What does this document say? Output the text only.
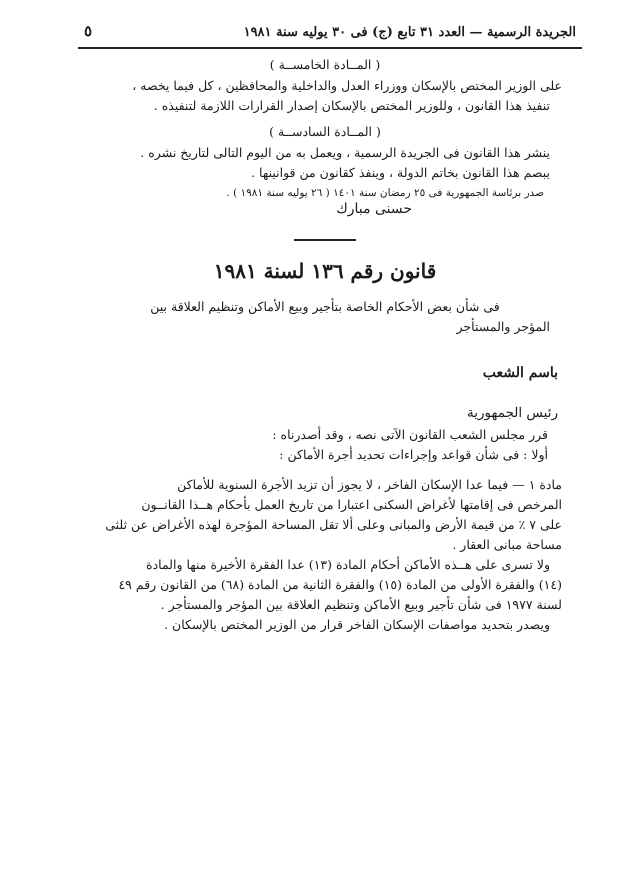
الجريدة الرسمية — العدد ٣١ تابع (ج) فى ٣٠ يوليه سنة ١٩٨١
٥
( المــادة الخامســة )

على الوزير المختص بالإسكان ووزراء العدل والداخلية والمحافظين ، كل فيما يخصه ،

تنفيذ هذا القانون ، وللوزير المختص بالإسكان إصدار القرارات اللازمة لتنفيذه .

( المــادة السادســة )

ينشر هذا القانون فى الجريدة الرسمية ، ويعمل به من اليوم التالى لتاريخ نشره .

يبصم هذا القانون بخاتم الدولة ، وينفذ كقانون من قوانينها .

صدر برئاسة الجمهورية فى ٢٥ رمضان سنة ١٤٠١ ( ٢٦ يوليه سنة ١٩٨١ ) .
حسنى مبارك
قانون رقم ١٣٦ لسنة ١٩٨١
فى شأن بعض الأحكام الخاصة بتأجير وبيع الأماكن وتنظيم العلاقة بين
المؤجر والمستأجر
باسم الشعب
رئيس الجمهورية
قرر مجلس الشعب القانون الآتى نصه ، وقد أصدرناه :
أولا : فى شأن قواعد وإجراءات تحديد أجرة الأماكن :

مادة ١ — فيما عدا الإسكان الفاخر ، لا يجوز أن تزيد الأجرة السنوية للأماكن

المرخص فى إقامتها لأغراض السكنى اعتبارا من تاريخ العمل بأحكام هــذا القانــون

على ٧ ٪ من قيمة الأرض والمبانى وعلى ألا تقل المساحة المؤجرة لهذه الأغراض عن ثلثى

مساحة مبانى العقار .

ولا تسرى على هــذه الأماكن أحكام المادة (١٣) عدا الفقرة الأخيرة منها والمادة

(١٤) والفقرة الأولى من المادة (١٥) والفقرة الثانية من المادة (٦٨) من القانون رقم ٤٩

لسنة ١٩٧٧ فى شأن تأجير وبيع الأماكن وتنظيم العلاقة بين المؤجر والمستأجر .

ويصدر بتحديد مواصفات الإسكان الفاخر قرار من الوزير المختص بالإسكان .
